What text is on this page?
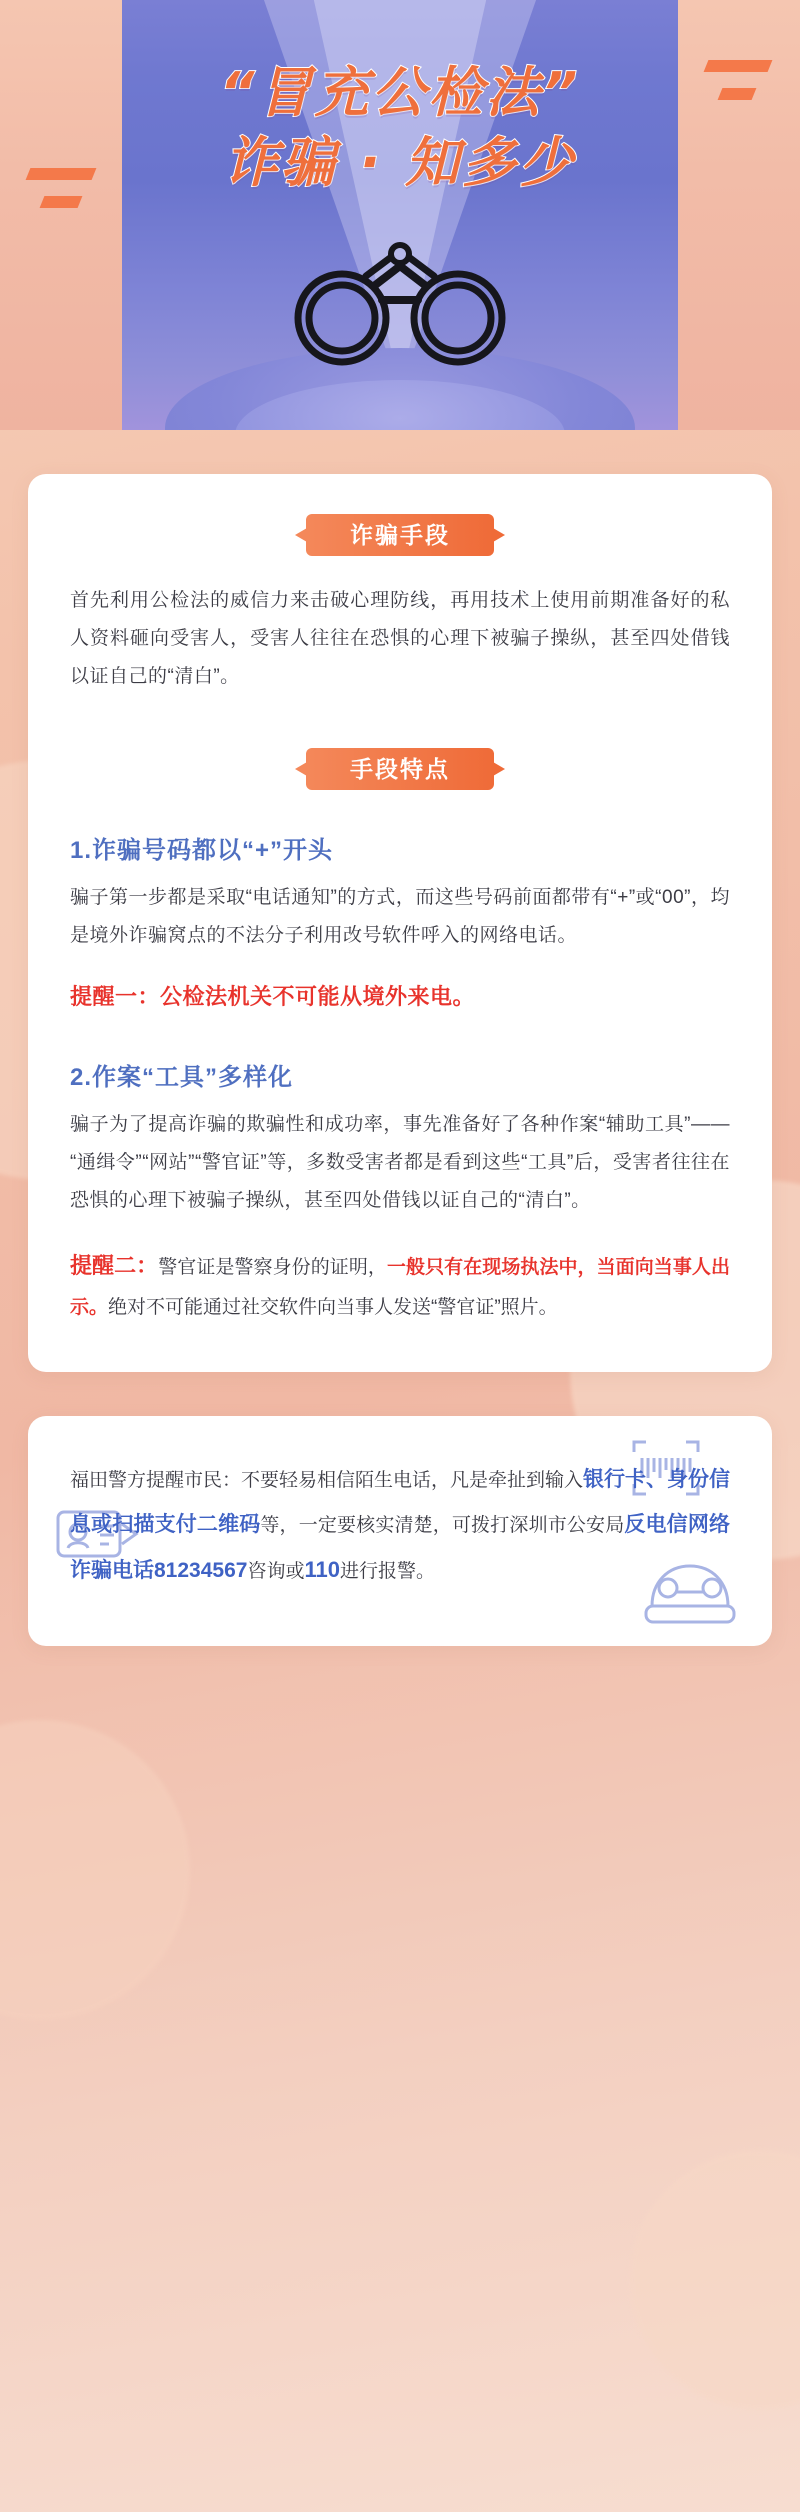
“冒充公检法”
诈骗 · 知多少
诈骗手段

首先利用公检法的威信力来击破心理防线，再用技术上使用前期准备好的私人资料砸向受害人，受害人往往在恐惧的心理下被骗子操纵，甚至四处借钱以证自己的“清白”。

手段特点
1.诈骗号码都以“+”开头

骗子第一步都是采取“电话通知”的方式，而这些号码前面都带有“+”或“00”，均是境外诈骗窝点的不法分子利用改号软件呼入的网络电话。

提醒一：公检法机关不可能从境外来电。

2.作案“工具”多样化

骗子为了提高诈骗的欺骗性和成功率，事先准备好了各种作案“辅助工具”——“通缉令”“网站”“警官证”等，多数受害者都是看到这些“工具”后，受害者往往在恐惧的心理下被骗子操纵，甚至四处借钱以证自己的“清白”。

提醒二：警官证是警察身份的证明，一般只有在现场执法中，当面向当事人出示。绝对不可能通过社交软件向当事人发送“警官证”照片。

福田警方提醒市民：不要轻易相信陌生电话，凡是牵扯到输入银行卡、身份信息或扫描支付二维码等，一定要核实清楚，可拨打深圳市公安局反电信网络诈骗电话81234567咨询或110进行报警。
